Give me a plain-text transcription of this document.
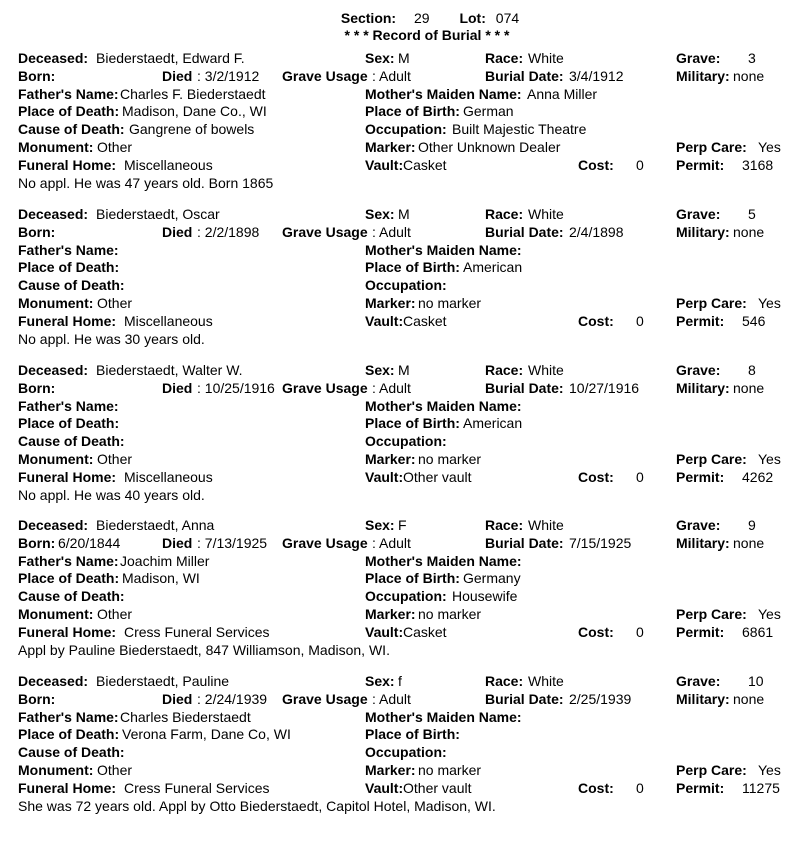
Section: 29 Lot: 074
* * * Record of Burial * * *
Deceased: Biederstaedt, Edward F.	Sex: M	Race: White	Grave: 3
Born:	Died : 3/2/1912 Grave Usage : Adult	Burial Date: 3/4/1912	Military: none
Father's Name: Charles F. Biederstaedt	Mother's Maiden Name: Anna Miller
Place of Death: Madison, Dane Co., WI	Place of Birth: German
Cause of Death: Gangrene of bowels	Occupation: Built Majestic Theatre
Monument: Other	Marker: Other Unknown Dealer	Perp Care: Yes
Funeral Home: Miscellaneous	Vault: Casket	Cost: 0 Permit: 3168
No appl. He was 47 years old. Born 1865
Deceased: Biederstaedt, Oscar	Sex: M	Race: White	Grave: 5
Born:	Died : 2/2/1898 Grave Usage : Adult	Burial Date: 2/4/1898	Military: none
Father's Name:	Mother's Maiden Name:
Place of Death:	Place of Birth: American
Cause of Death:	Occupation:
Monument: Other	Marker: no marker	Perp Care: Yes
Funeral Home: Miscellaneous	Vault: Casket	Cost: 0 Permit: 546
No appl. He was 30 years old.
Deceased: Biederstaedt, Walter W.	Sex: M	Race: White	Grave: 8
Born:	Died : 10/25/1916 Grave Usage : Adult	Burial Date: 10/27/1916	Military: none
Father's Name:	Mother's Maiden Name:
Place of Death:	Place of Birth: American
Cause of Death:	Occupation:
Monument: Other	Marker: no marker	Perp Care: Yes
Funeral Home: Miscellaneous	Vault: Other vault	Cost: 0 Permit: 4262
No appl. He was 40 years old.
Deceased: Biederstaedt, Anna	Sex: F	Race: White	Grave: 9
Born: 6/20/1844	Died : 7/13/1925 Grave Usage : Adult	Burial Date: 7/15/1925	Military: none
Father's Name: Joachim Miller	Mother's Maiden Name:
Place of Death: Madison, WI	Place of Birth: Germany
Cause of Death:	Occupation: Housewife
Monument: Other	Marker: no marker	Perp Care: Yes
Funeral Home: Cress Funeral Services	Vault: Casket	Cost: 0 Permit: 6861
Appl by Pauline Biederstaedt, 847 Williamson, Madison, WI.
Deceased: Biederstaedt, Pauline	Sex: f	Race: White	Grave: 10
Born:	Died : 2/24/1939 Grave Usage : Adult	Burial Date: 2/25/1939	Military: none
Father's Name: Charles Biederstaedt	Mother's Maiden Name:
Place of Death: Verona Farm, Dane Co, WI	Place of Birth:
Cause of Death:	Occupation:
Monument: Other	Marker: no marker	Perp Care: Yes
Funeral Home: Cress Funeral Services	Vault: Other vault	Cost: 0 Permit: 11275
She was 72 years old. Appl by Otto Biederstaedt, Capitol Hotel, Madison, WI.
